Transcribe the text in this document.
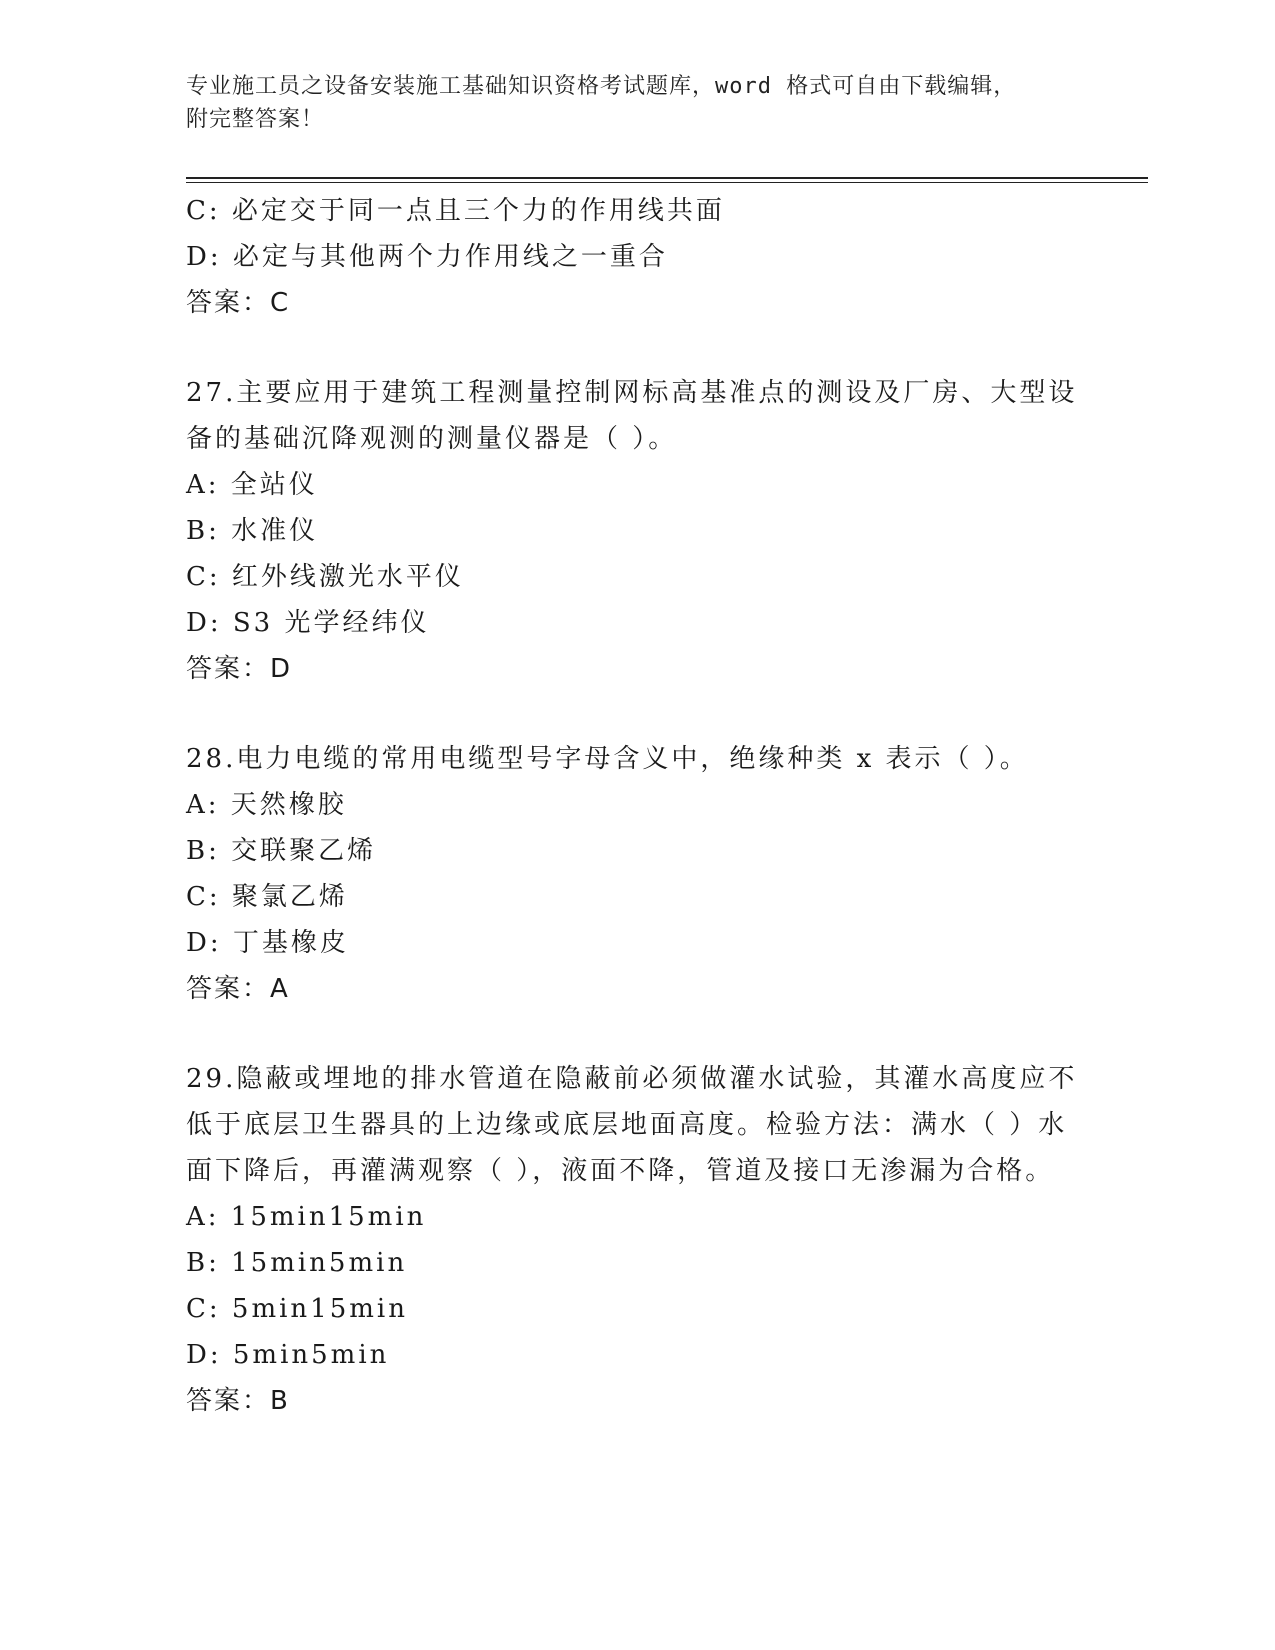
专业施工员之设备安装施工基础知识资格考试题库，word 格式可自由下载编辑，
附完整答案！
C: 必定交于同一点且三个力的作用线共面
D: 必定与其他两个力作用线之一重合
答案：C
27.主要应用于建筑工程测量控制网标高基准点的测设及厂房、大型设
备的基础沉降观测的测量仪器是（ ）。
A: 全站仪
B: 水准仪
C: 红外线激光水平仪
D: S3 光学经纬仪
答案：D
28.电力电缆的常用电缆型号字母含义中，绝缘种类 x 表示（ ）。
A: 天然橡胶
B: 交联聚乙烯
C: 聚氯乙烯
D: 丁基橡皮
答案：A
29.隐蔽或埋地的排水管道在隐蔽前必须做灌水试验，其灌水高度应不
低于底层卫生器具的上边缘或底层地面高度。检验方法：满水（ ）水
面下降后，再灌满观察（ ），液面不降，管道及接口无渗漏为合格。
A: 15min15min
B: 15min5min
C: 5min15min
D: 5min5min
答案：B
